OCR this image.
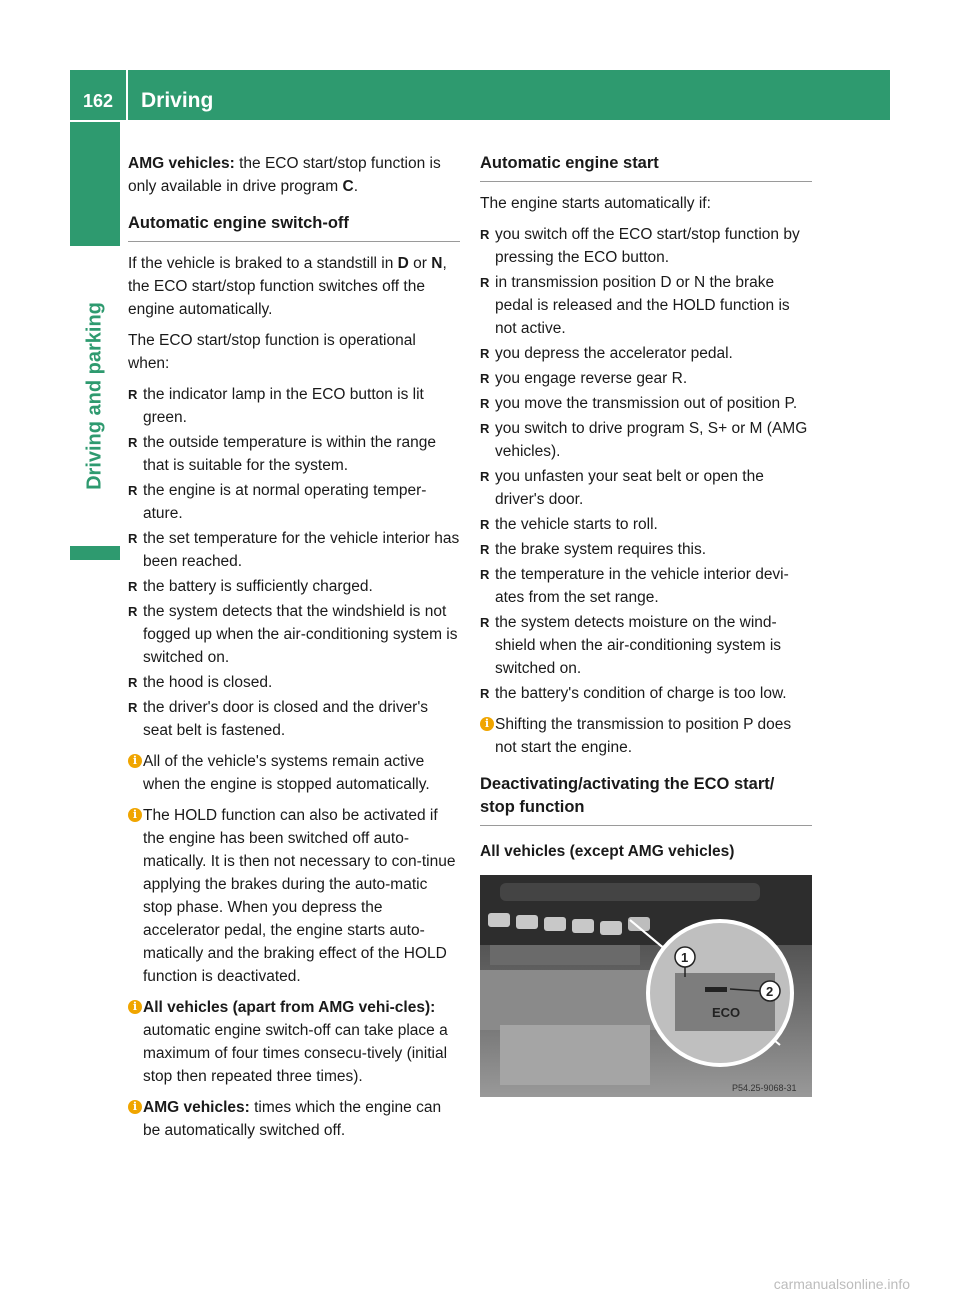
162	Driving
Driving and parking

AMG vehicles: the ECO start/stop function is only available in drive program C.

Automatic engine switch-off

If the vehicle is braked to a standstill in D or N, the ECO start/stop function switches off the engine automatically.

The ECO start/stop function is operational when:

R the indicator lamp in the ECO button is lit green.
R the outside temperature is within the range that is suitable for the system.
R the engine is at normal operating temper-ature.
R the set temperature for the vehicle interior has been reached.
R the battery is sufficiently charged.
R the system detects that the windshield is not fogged up when the air-conditioning system is switched on.
R the hood is closed.
R the driver's door is closed and the driver's seat belt is fastened.
i All of the vehicle's systems remain active when the engine is stopped automatically.
i The HOLD function can also be activated if the engine has been switched off auto-matically. It is then not necessary to con-tinue applying the brakes during the auto-matic stop phase. When you depress the accelerator pedal, the engine starts auto-matically and the braking effect of the HOLD function is deactivated.
i All vehicles (apart from AMG vehi-cles): automatic engine switch-off can take place a maximum of four times consecu-tively (initial stop then repeated three times).
i AMG vehicles: times which the engine can be automatically switched off.
Automatic engine start

The engine starts automatically if:

R you switch off the ECO start/stop function by pressing the ECO button.
R in transmission position D or N the brake pedal is released and the HOLD function is not active.
R you depress the accelerator pedal.
R you engage reverse gear R.
R you move the transmission out of position P.
R you switch to drive program S, S+ or M (AMG vehicles).
R you unfasten your seat belt or open the driver's door.
R the vehicle starts to roll.
R the brake system requires this.
R the temperature in the vehicle interior devi-ates from the set range.
R the system detects moisture on the wind-shield when the air-conditioning system is switched on.
R the battery's condition of charge is too low.
i Shifting the transmission to position P does not start the engine.
Deactivating/activating the ECO start/ stop function
All vehicles (except AMG vehicles)
ECO
1
2
P54.25-9068-31
carmanualsonline.info
